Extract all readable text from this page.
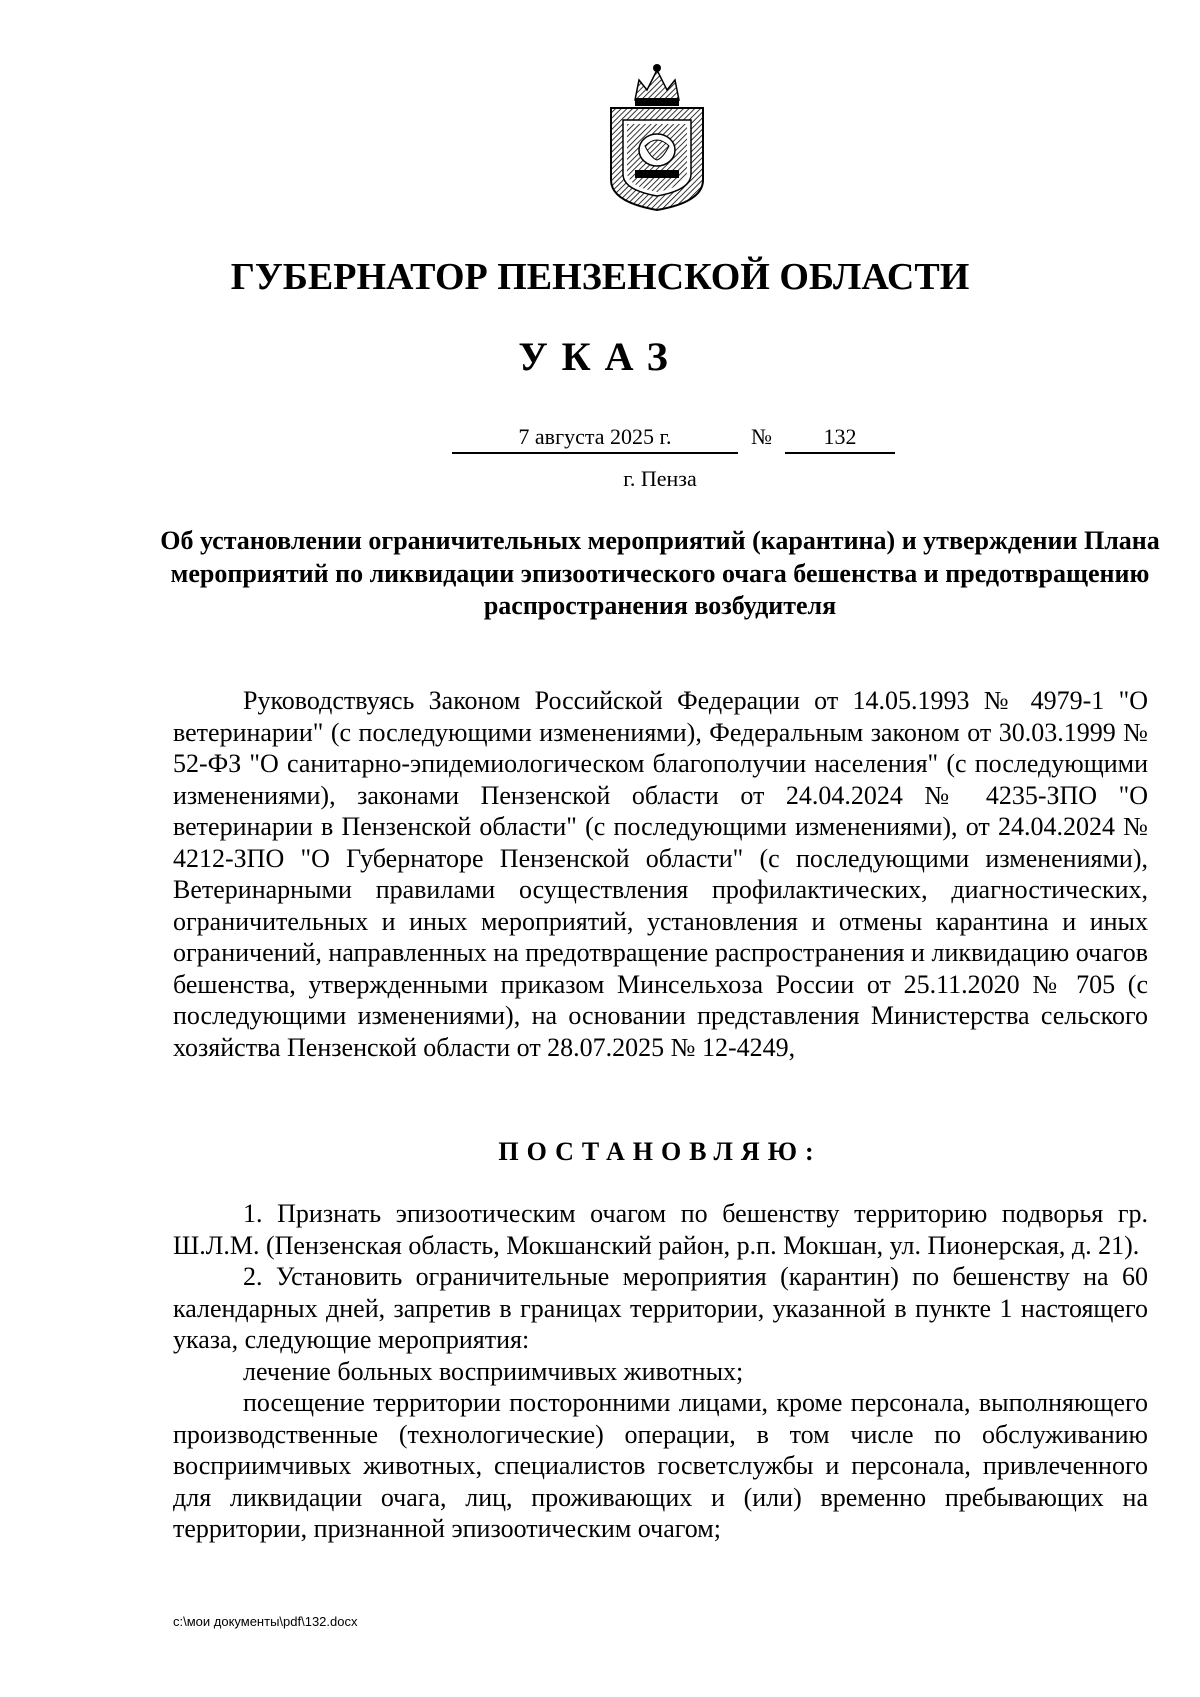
ГУБЕРНАТОР ПЕНЗЕНСКОЙ ОБЛАСТИ
УКАЗ
7 августа 2025 г.	№	132
г. Пенза
Об установлении ограничительных мероприятий (карантина) и утверждении Плана мероприятий по ликвидации эпизоотического очага бешенства и предотвращению распространения возбудителя

Руководствуясь Законом Российской Федерации от 14.05.1993 № 4979-1 "О ветеринарии" (с последующими изменениями), Федеральным законом от 30.03.1999 № 52-ФЗ "О санитарно-эпидемиологическом благополучии населения" (с последующими изменениями), законами Пензенской области от 24.04.2024 № 4235-ЗПО "О ветеринарии в Пензенской области" (с последующими изменениями), от 24.04.2024 № 4212-ЗПО "О Губернаторе Пензенской области" (с последующими изменениями), Ветеринарными правилами осуществления профилактических, диагностических, ограничительных и иных мероприятий, установления и отмены карантина и иных ограничений, направленных на предотвращение распространения и ликвидацию очагов бешенства, утвержденными приказом Минсельхоза России от 25.11.2020 № 705 (с последующими изменениями), на основании представления Министерства сельского хозяйства Пензенской области от 28.07.2025 № 12-4249,

ПОСТАНОВЛЯЮ:

1. Признать эпизоотическим очагом по бешенству территорию подворья гр. Ш.Л.М. (Пензенская область, Мокшанский район, р.п. Мокшан, ул. Пионерская, д. 21).

2. Установить ограничительные мероприятия (карантин) по бешенству на 60 календарных дней, запретив в границах территории, указанной в пункте 1 настоящего указа, следующие мероприятия:

лечение больных восприимчивых животных;

посещение территории посторонними лицами, кроме персонала, выполняющего производственные (технологические) операции, в том числе по обслуживанию восприимчивых животных, специалистов госветслужбы и персонала, привлеченного для ликвидации очага, лиц, проживающих и (или) временно пребывающих на территории, признанной эпизоотическим очагом;

c:\мои документы\pdf\132.docx
